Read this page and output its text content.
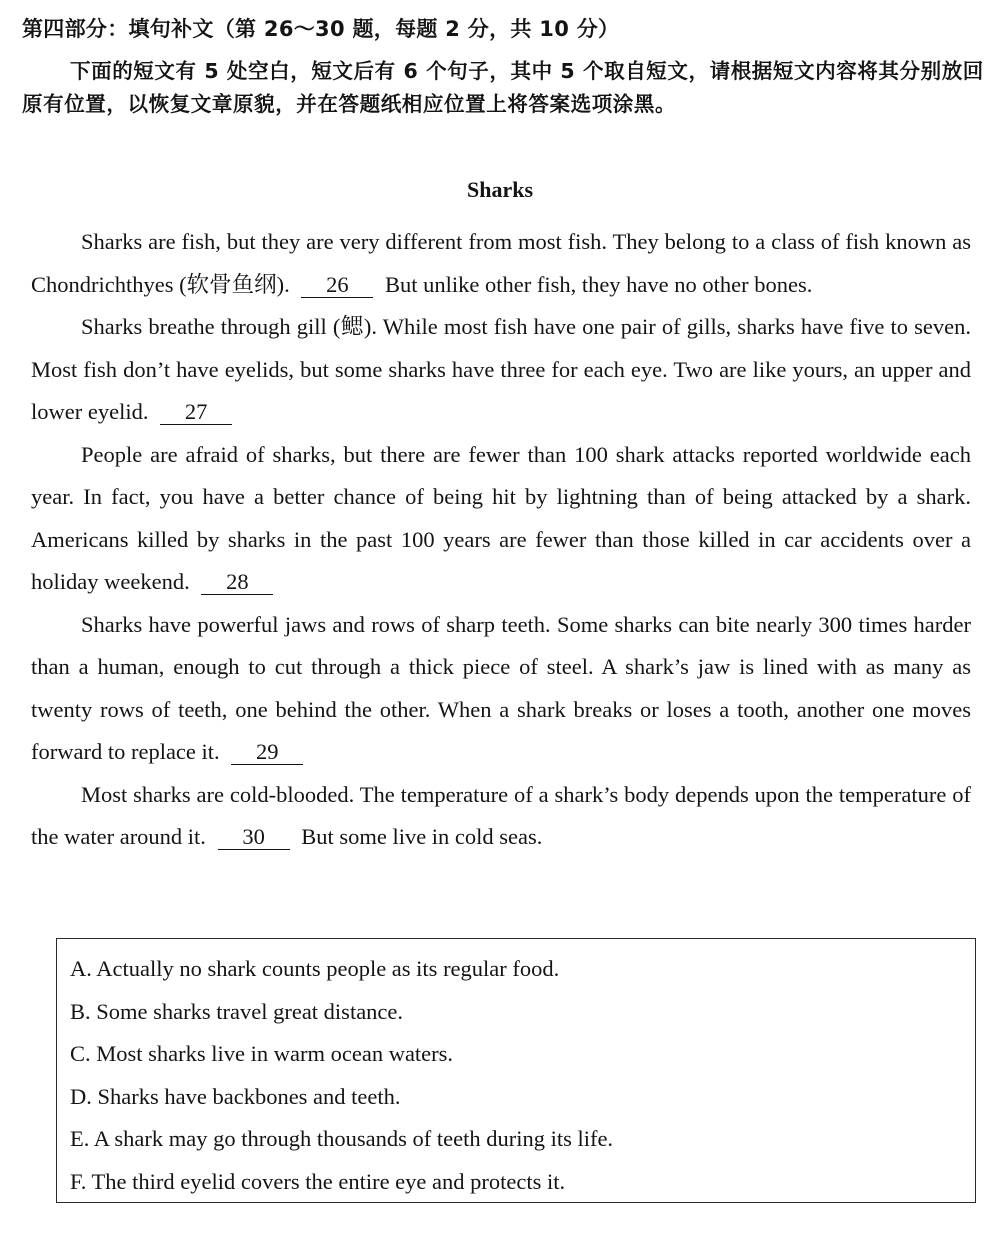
第四部分：填句补文（第 26～30 题，每题 2 分，共 10 分）
下面的短文有 5 处空白，短文后有 6 个句子，其中 5 个取自短文，请根据短文内容将其分别放回原有位置，以恢复文章原貌，并在答题纸相应位置上将答案选项涂黑。
Sharks

Sharks are fish, but they are very different from most fish. They belong to a class of fish known as Chondrichthyes (软骨鱼纲). 26 But unlike other fish, they have no other bones.

Sharks breathe through gill (鳃). While most fish have one pair of gills, sharks have five to seven. Most fish don’t have eyelids, but some sharks have three for each eye. Two are like yours, an upper and lower eyelid. 27

People are afraid of sharks, but there are fewer than 100 shark attacks reported worldwide each year. In fact, you have a better chance of being hit by lightning than of being attacked by a shark. Americans killed by sharks in the past 100 years are fewer than those killed in car accidents over a holiday weekend. 28

Sharks have powerful jaws and rows of sharp teeth. Some sharks can bite nearly 300 times harder than a human, enough to cut through a thick piece of steel. A shark’s jaw is lined with as many as twenty rows of teeth, one behind the other. When a shark breaks or loses a tooth, another one moves forward to replace it. 29

Most sharks are cold-blooded. The temperature of a shark’s body depends upon the temperature of the water around it. 30 But some live in cold seas.

A. Actually no shark counts people as its regular food.
B. Some sharks travel great distance.
C. Most sharks live in warm ocean waters.
D. Sharks have backbones and teeth.
E. A shark may go through thousands of teeth during its life.
F. The third eyelid covers the entire eye and protects it.
